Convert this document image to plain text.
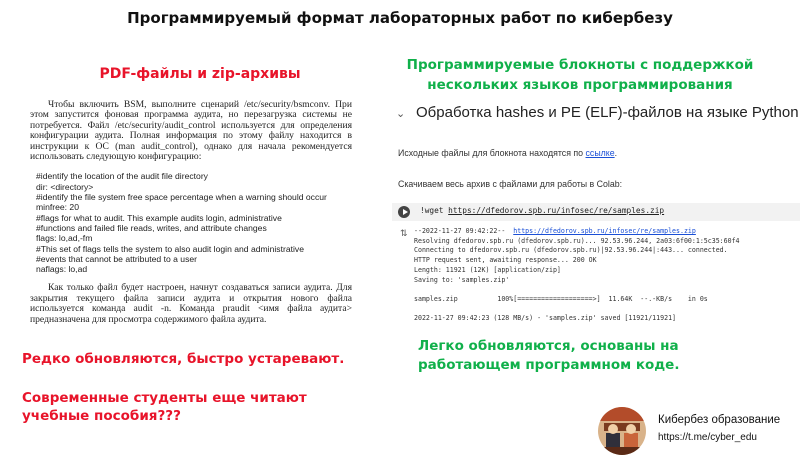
Программируемый формат лабораторных работ по кибербезу
PDF-файлы и zip-архивы
Программируемые блокноты с поддержкой
нескольких языков программирования

Чтобы включить BSM, выполните сценарий /etc/security/bsmconv. При этом запустится фоновая программа аудита, но перезагрузка системы не потребуется. Файл /etc/security/audit_control используется для определения конфигурации аудита. Полная информация по этому файлу находится в инструкции к ОС (man audit_control), однако для начала рекомендуется использовать следующую конфигурацию:

#identify the location of the audit file directory
dir: <directory>
#identify the file system free space percentage when a warning should occur
minfree: 20
#flags for what to audit. This example audits login, administrative
#functions and failed file reads, writes, and attribute changes
flags: lo,ad,-fm
#This set of flags tells the system to also audit login and administrative
#events that cannot be attributed to a user
naflags: lo,ad

Как только файл будет настроен, начнут создаваться записи аудита. Для закрытия текущего файла записи аудита и открытия нового файла используется команда audit -n. Команда praudit <имя файла аудита> предназначена для просмотра содержимого файла аудита.

Редко обновляются, быстро устаревают.
Современные студенты еще читают учебные пособия???
⌄ Обработка hashes и PE (ELF)-файлов на языке Python
Исходные файлы для блокнота находятся по ссылке.
Скачиваем весь архив с файлами для работы в Colab:
!wget https://dfedorov.spb.ru/infosec/re/samples.zip
⇅ --2022-11-27 09:42:22--  https://dfedorov.spb.ru/infosec/re/samples.zip
Resolving dfedorov.spb.ru (dfedorov.spb.ru)... 92.53.96.244, 2a03:6f00:1:5c35:60f4
Connecting to dfedorov.spb.ru (dfedorov.spb.ru)|92.53.96.244|:443... connected.
HTTP request sent, awaiting response... 200 OK
Length: 11921 (12K) [application/zip]
Saving to: 'samples.zip'

samples.zip          100%[===================>]  11.64K  --.-KB/s    in 0s

2022-11-27 09:42:23 (128 MB/s) - 'samples.zip' saved [11921/11921]
Легко обновляются, основаны на работающем программном коде.
Кибербез образование
https://t.me/cyber_edu
